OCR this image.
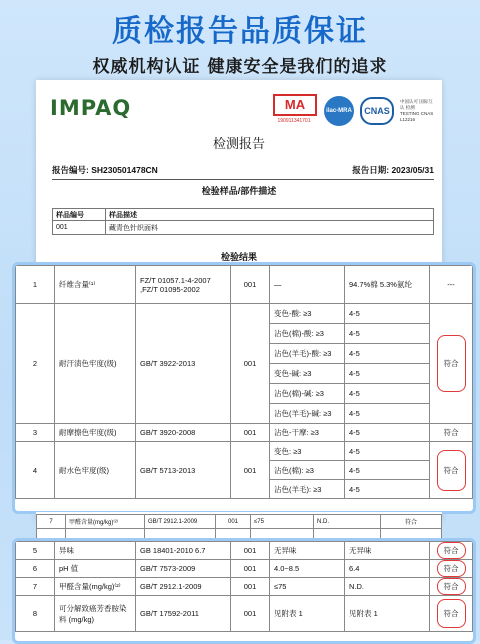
质检报告品质保证
权威机构认证 健康安全是我们的追求
IMPAQ	MA
190911341701
ilac-MRA	CNAS
中国认可 国际互认 检测 TESTING CNAS L12216
检测报告
报告编号: SH230501478CN	报告日期: 2023/05/31
检验样品/部件描述
样品编号	样品描述
001	藏青色针织面料
检验结果
1	纤维含量⁽¹⁾	FZ/T 01057.1-4-2007 ,FZ/T 01095-2002	001	—	94.7%棉 5.3%氨纶	---
2	耐汗渍色牢度(级)	GB/T 3922-2013	001	变色-酸: ≥3	4-5	符合
				沾色(棉)-酸: ≥3	4-5	
				沾色(羊毛)-酸: ≥3	4-5	
				变色-碱: ≥3	4-5	
				沾色(棉)-碱: ≥3	4-5	
				沾色(羊毛)-碱: ≥3	4-5	
3	耐摩擦色牢度(级)	GB/T 3920-2008	001	沾色-干摩: ≥3	4-5	符合
4	耐水色牢度(级)	GB/T 5713-2013	001	变色: ≥3	4-5	符合
				沾色(棉): ≥3	4-5	
				沾色(羊毛): ≥3	4-5	
7	甲醛含量(mg/kg)⁽²⁾	GB/T 2912.1-2009	001	≤75	N.D.	符合

5	异味	GB 18401-2010 6.7	001	无异味	无异味	符合
6	pH 值	GB/T 7573-2009	001	4.0~8.5	6.4	符合
7	甲醛含量(mg/kg)⁽²⁾	GB/T 2912.1-2009	001	≤75	N.D.	符合
8	可分解致癌芳香胺染料 (mg/kg)	GB/T 17592-2011	001	见附表 1	见附表 1	符合
